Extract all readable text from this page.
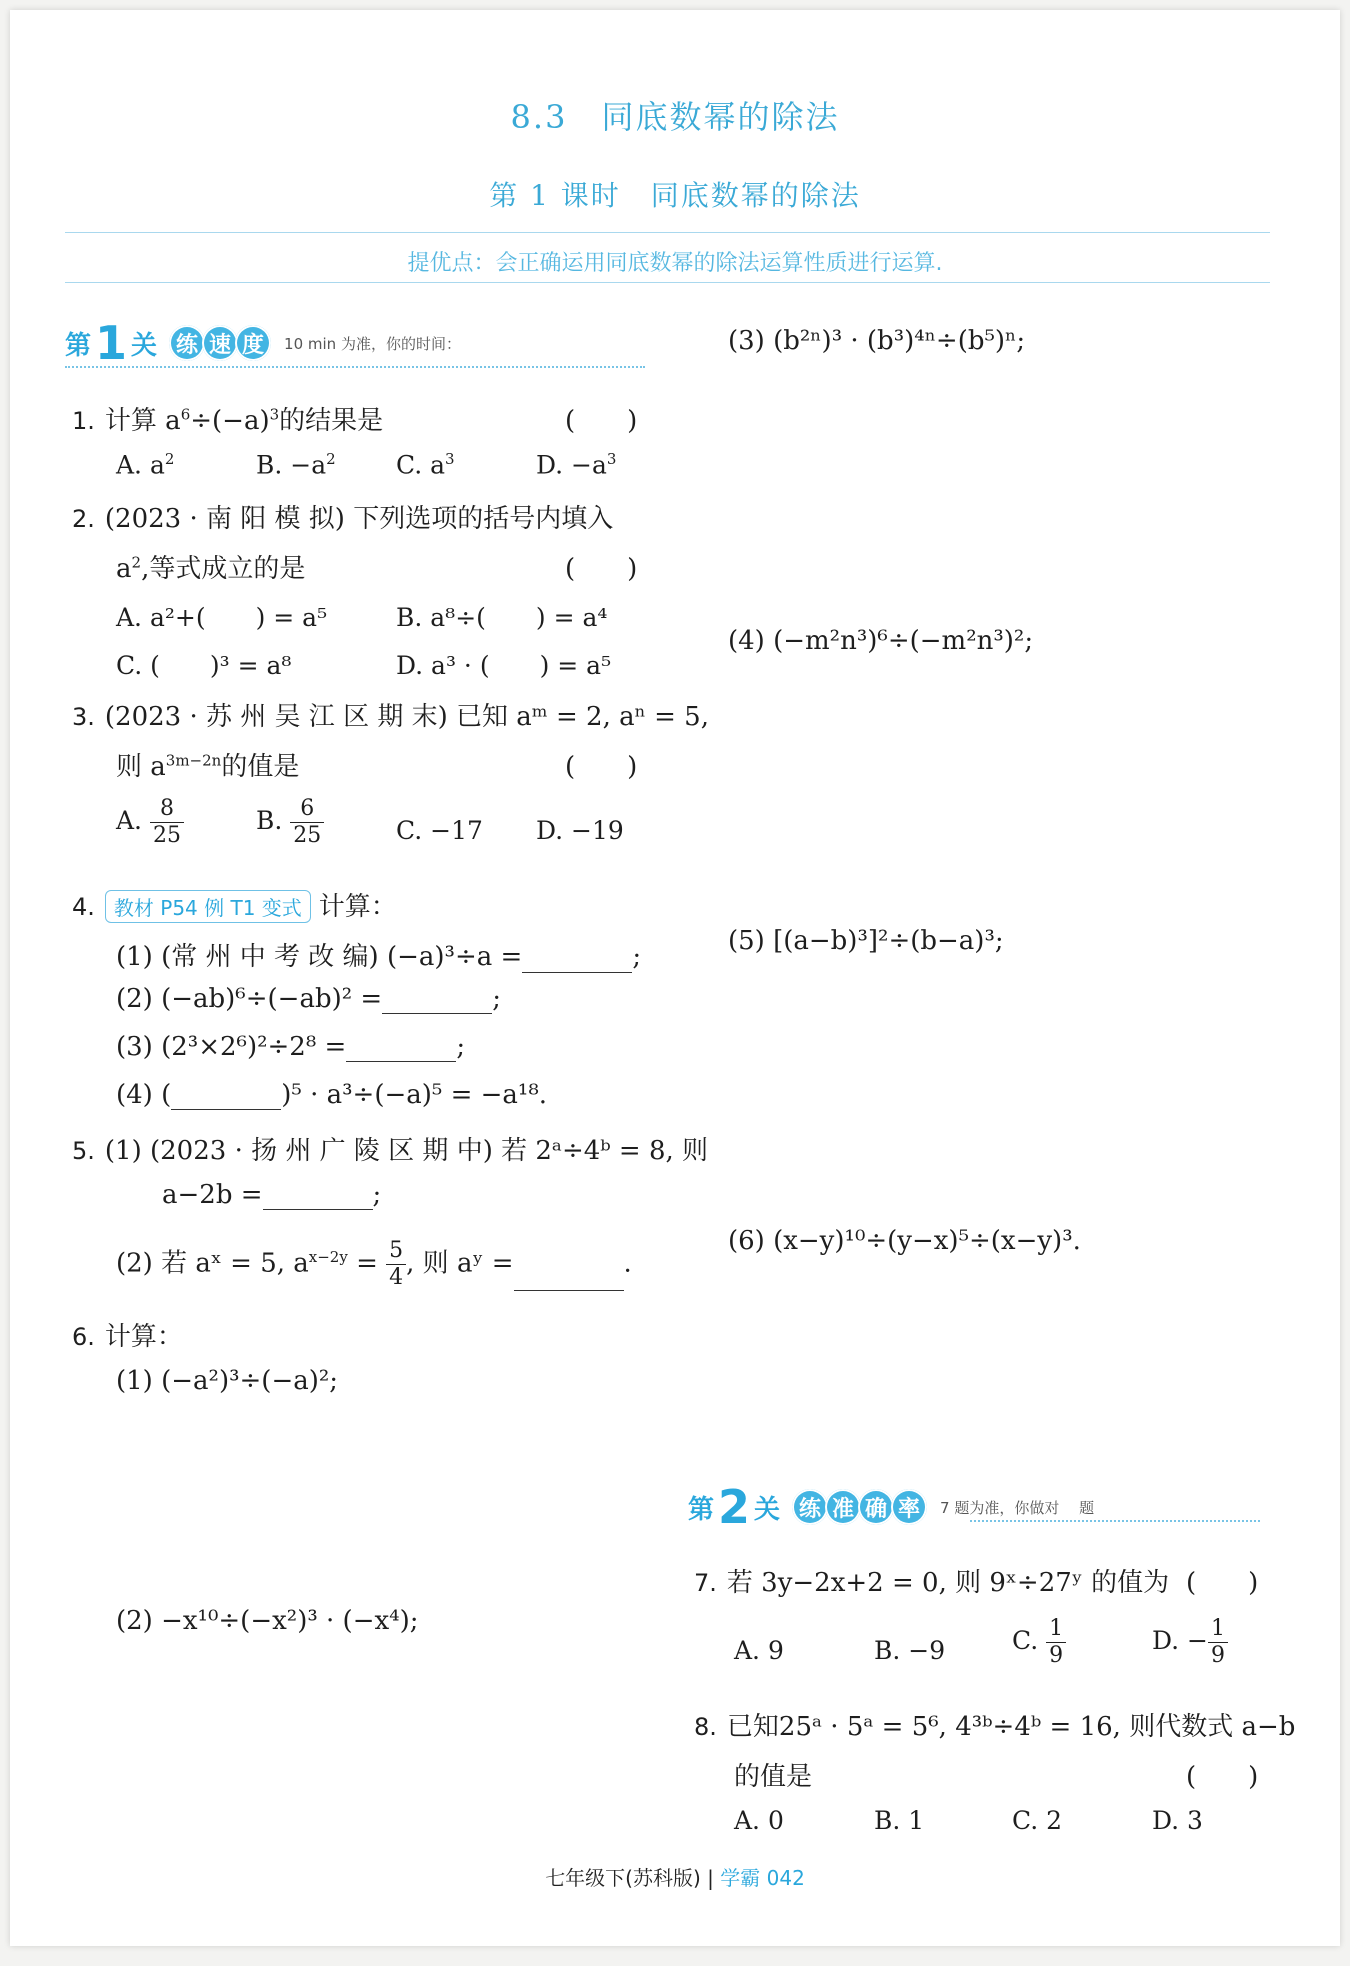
8.3　同底数幂的除法
第 1 课时　同底数幂的除法
提优点：会正确运用同底数幂的除法运算性质进行运算.
第 1 关 练 速 度	10 min 为准，你的时间：
1. 计算 $a^6\div(-a)^3$的结果是	(　　)
A. $a^2$	B. $-a^2$ C. $a^3$	D. $-a^3$
2. (2023 · 南 阳 模 拟) 下列选项的括号内填入
$a^2$,等式成立的是	(　　)
A. a²+(　　) = a⁵	B. a⁸÷(　　) = a⁴
C. (　　)³ = a⁸	D. a³ · (　　) = a⁵
3. (2023 · 苏 州 吴 江 区 期 末) 已知 aᵐ = 2, aⁿ = 5,
则 $a^{3m-2n}$的值是	(　　)
A. $\frac{8}{25}$	B. $\frac{6}{25}$	C. −17 D. −19
4. 教材 P54 例 T1 变式 计算：
(1) (常 州 中 考 改 编) (−a)³÷a =	;
(2) (−ab)⁶÷(−ab)² =	;
(3) (2³×2⁶)²÷2⁸ =	;
(4) (	)⁵ · a³÷(−a)⁵ = −a¹⁸.
5. (1) (2023 · 扬 州 广 陵 区 期 中) 若 2ᵃ÷4ᵇ = 8, 则
a−2b =	;
(2) 若 aˣ = 5, $a^{x-2y} = \frac{5}{4}$ , 则 aʸ =	.
6. 计算：
(1) (−a²)³÷(−a)²;
(2) −x¹⁰÷(−x²)³ · (−x⁴);
(3) (b²ⁿ)³ · (b³)⁴ⁿ÷(b⁵)ⁿ;
(4) (−m²n³)⁶÷(−m²n³)²;
(5) [(a−b)³]²÷(b−a)³;
(6) (x−y)¹⁰÷(y−x)⁵÷(x−y)³.
第 2 关 练 准 确 率	7 题为准，你做对　 题
7. 若 3y−2x+2 = 0, 则 9ˣ÷27ʸ 的值为 (　　)
A. 9	B. −9	C. $\frac{1}{9}$	D. − $\frac{1}{9}$
8. 已知25ᵃ · 5ᵃ = 5⁶, 4³ᵇ÷4ᵇ = 16, 则代数式 a−b
的值是	(　　)
A. 0	B. 1	C. 2	D. 3
七年级下(苏科版) | 学霸 042
